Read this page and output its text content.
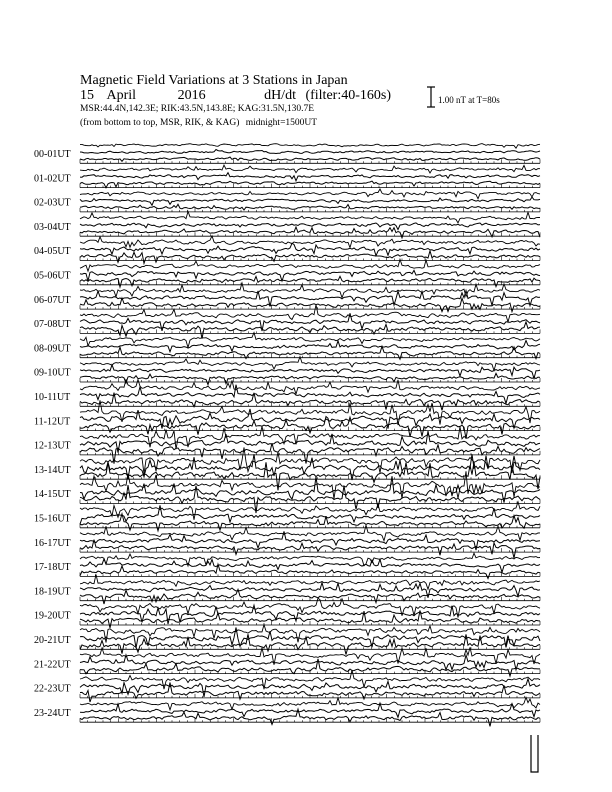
Magnetic Field Variations at 3 Stations in Japan
15 April	2016	dH/dt (filter:40-160s)
MSR:44.4N,142.3E; RIK:43.5N,143.8E; KAG:31.5N,130.7E
(from bottom to top, MSR, RIK, & KAG) midnight=1500UT
1.00 nT at T=80s
00-01UT
01-02UT
02-03UT
03-04UT
04-05UT
05-06UT
06-07UT
07-08UT
08-09UT
09-10UT
10-11UT
11-12UT
12-13UT
13-14UT
14-15UT
15-16UT
16-17UT
17-18UT
18-19UT
19-20UT
20-21UT
21-22UT
22-23UT
23-24UT
